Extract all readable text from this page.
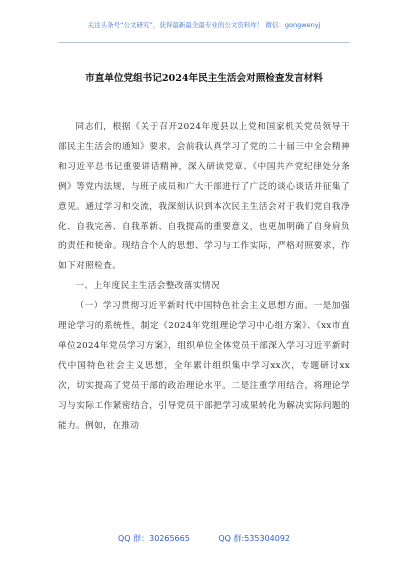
关注头条号“公文研究”，获得最新最全最专业的公文资料库！ 微信：gongwenyj
市直单位党组书记2024年民主生活会对照检查发言材料

同志们，根据《关于召开2024年度县以上党和国家机关党员领导干部民主生活会的通知》要求，会前我认真学习了党的二十届三中全会精神和习近平总书记重要讲话精神，深入研读党章、《中国共产党纪律处分条例》等党内法规，与班子成员和广大干部进行了广泛的谈心谈话并征集了意见。通过学习和交流，我深刻认识到本次民主生活会对于我们党自我净化、自我完善、自我革新、自我提高的重要意义，也更加明确了自身肩负的责任和使命。现结合个人的思想、学习与工作实际，严格对照要求，作如下对照检查。

一、上年度民主生活会整改落实情况

（一）学习贯彻习近平新时代中国特色社会主义思想方面。一是加强理论学习的系统性，制定《2024年党组理论学习中心组方案》、《xx市直单位2024年党员学习方案》，组织单位全体党员干部深入学习习近平新时代中国特色社会主义思想，全年累计组织集中学习xx次，专题研讨xx次，切实提高了党员干部的政治理论水平。二是注重学用结合，将理论学习与实际工作紧密结合，引导党员干部把学习成果转化为解决实际问题的能力。例如，在推动

QQ 群：30265665	QQ 群:535304092
